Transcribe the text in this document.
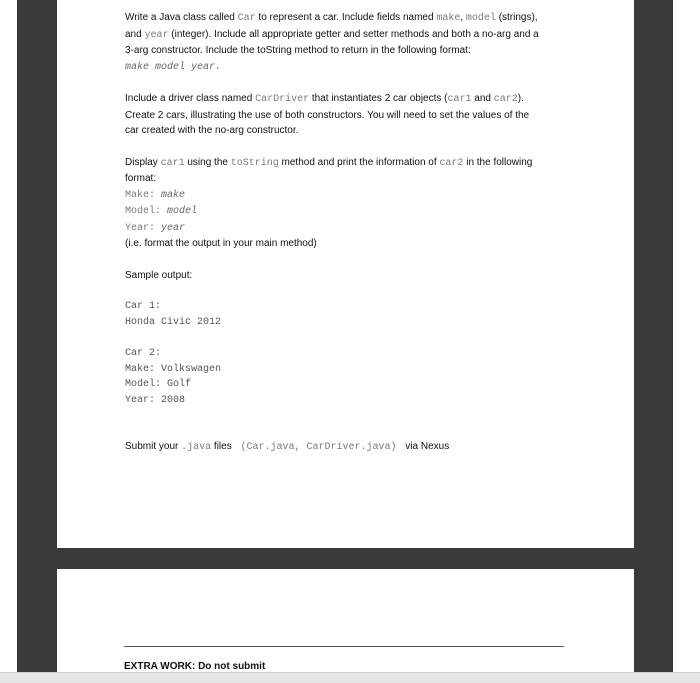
Write a Java class called Car to represent a car. Include fields named make, model (strings),
and year (integer). Include all appropriate getter and setter methods and both a no-arg and a
3-arg constructor. Include the toString method to return in the following format:
make model year.

Include a driver class named CarDriver that instantiates 2 car objects (car1 and car2).
Create 2 cars, illustrating the use of both constructors. You will need to set the values of the
car created with the no-arg constructor.

Display car1 using the toString method and print the information of car2 in the following
format:
Make: make
Model: model
Year: year
(i.e. format the output in your main method)

Sample output:

Car 1:
Honda Civic 2012
Car 2:
Make: Volkswagen
Model: Golf
Year: 2008

Submit your .java files  (Car.java, CarDriver.java)  via Nexus

EXTRA WORK: Do not submit
